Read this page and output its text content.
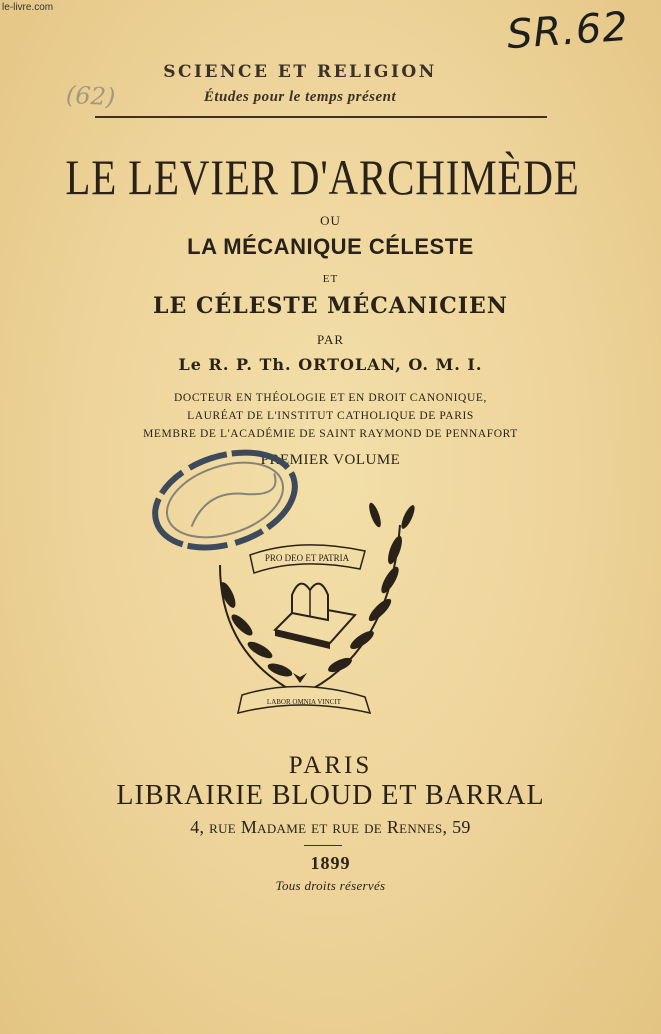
le-livre.com	SR.62
(62)
SCIENCE ET RELIGION
Études pour le temps présent
LE LEVIER D'ARCHIMÈDE
OU
LA MÉCANIQUE CÉLESTE
ET
LE CÉLESTE MÉCANICIEN
PAR
Le R. P. Th. ORTOLAN, O. M. I.
DOCTEUR EN THÉOLOGIE ET EN DROIT CANONIQUE,
LAURÉAT DE L'INSTITUT CATHOLIQUE DE PARIS
MEMBRE DE L'ACADÉMIE DE SAINT RAYMOND DE PENNAFORT
PREMIER VOLUME
PRO DEO ET PATRIA
LABOR OMNIA VINCIT
PARIS
LIBRAIRIE BLOUD ET BARRAL
4, rue Madame et rue de Rennes, 59
1899
Tous droits réservés
